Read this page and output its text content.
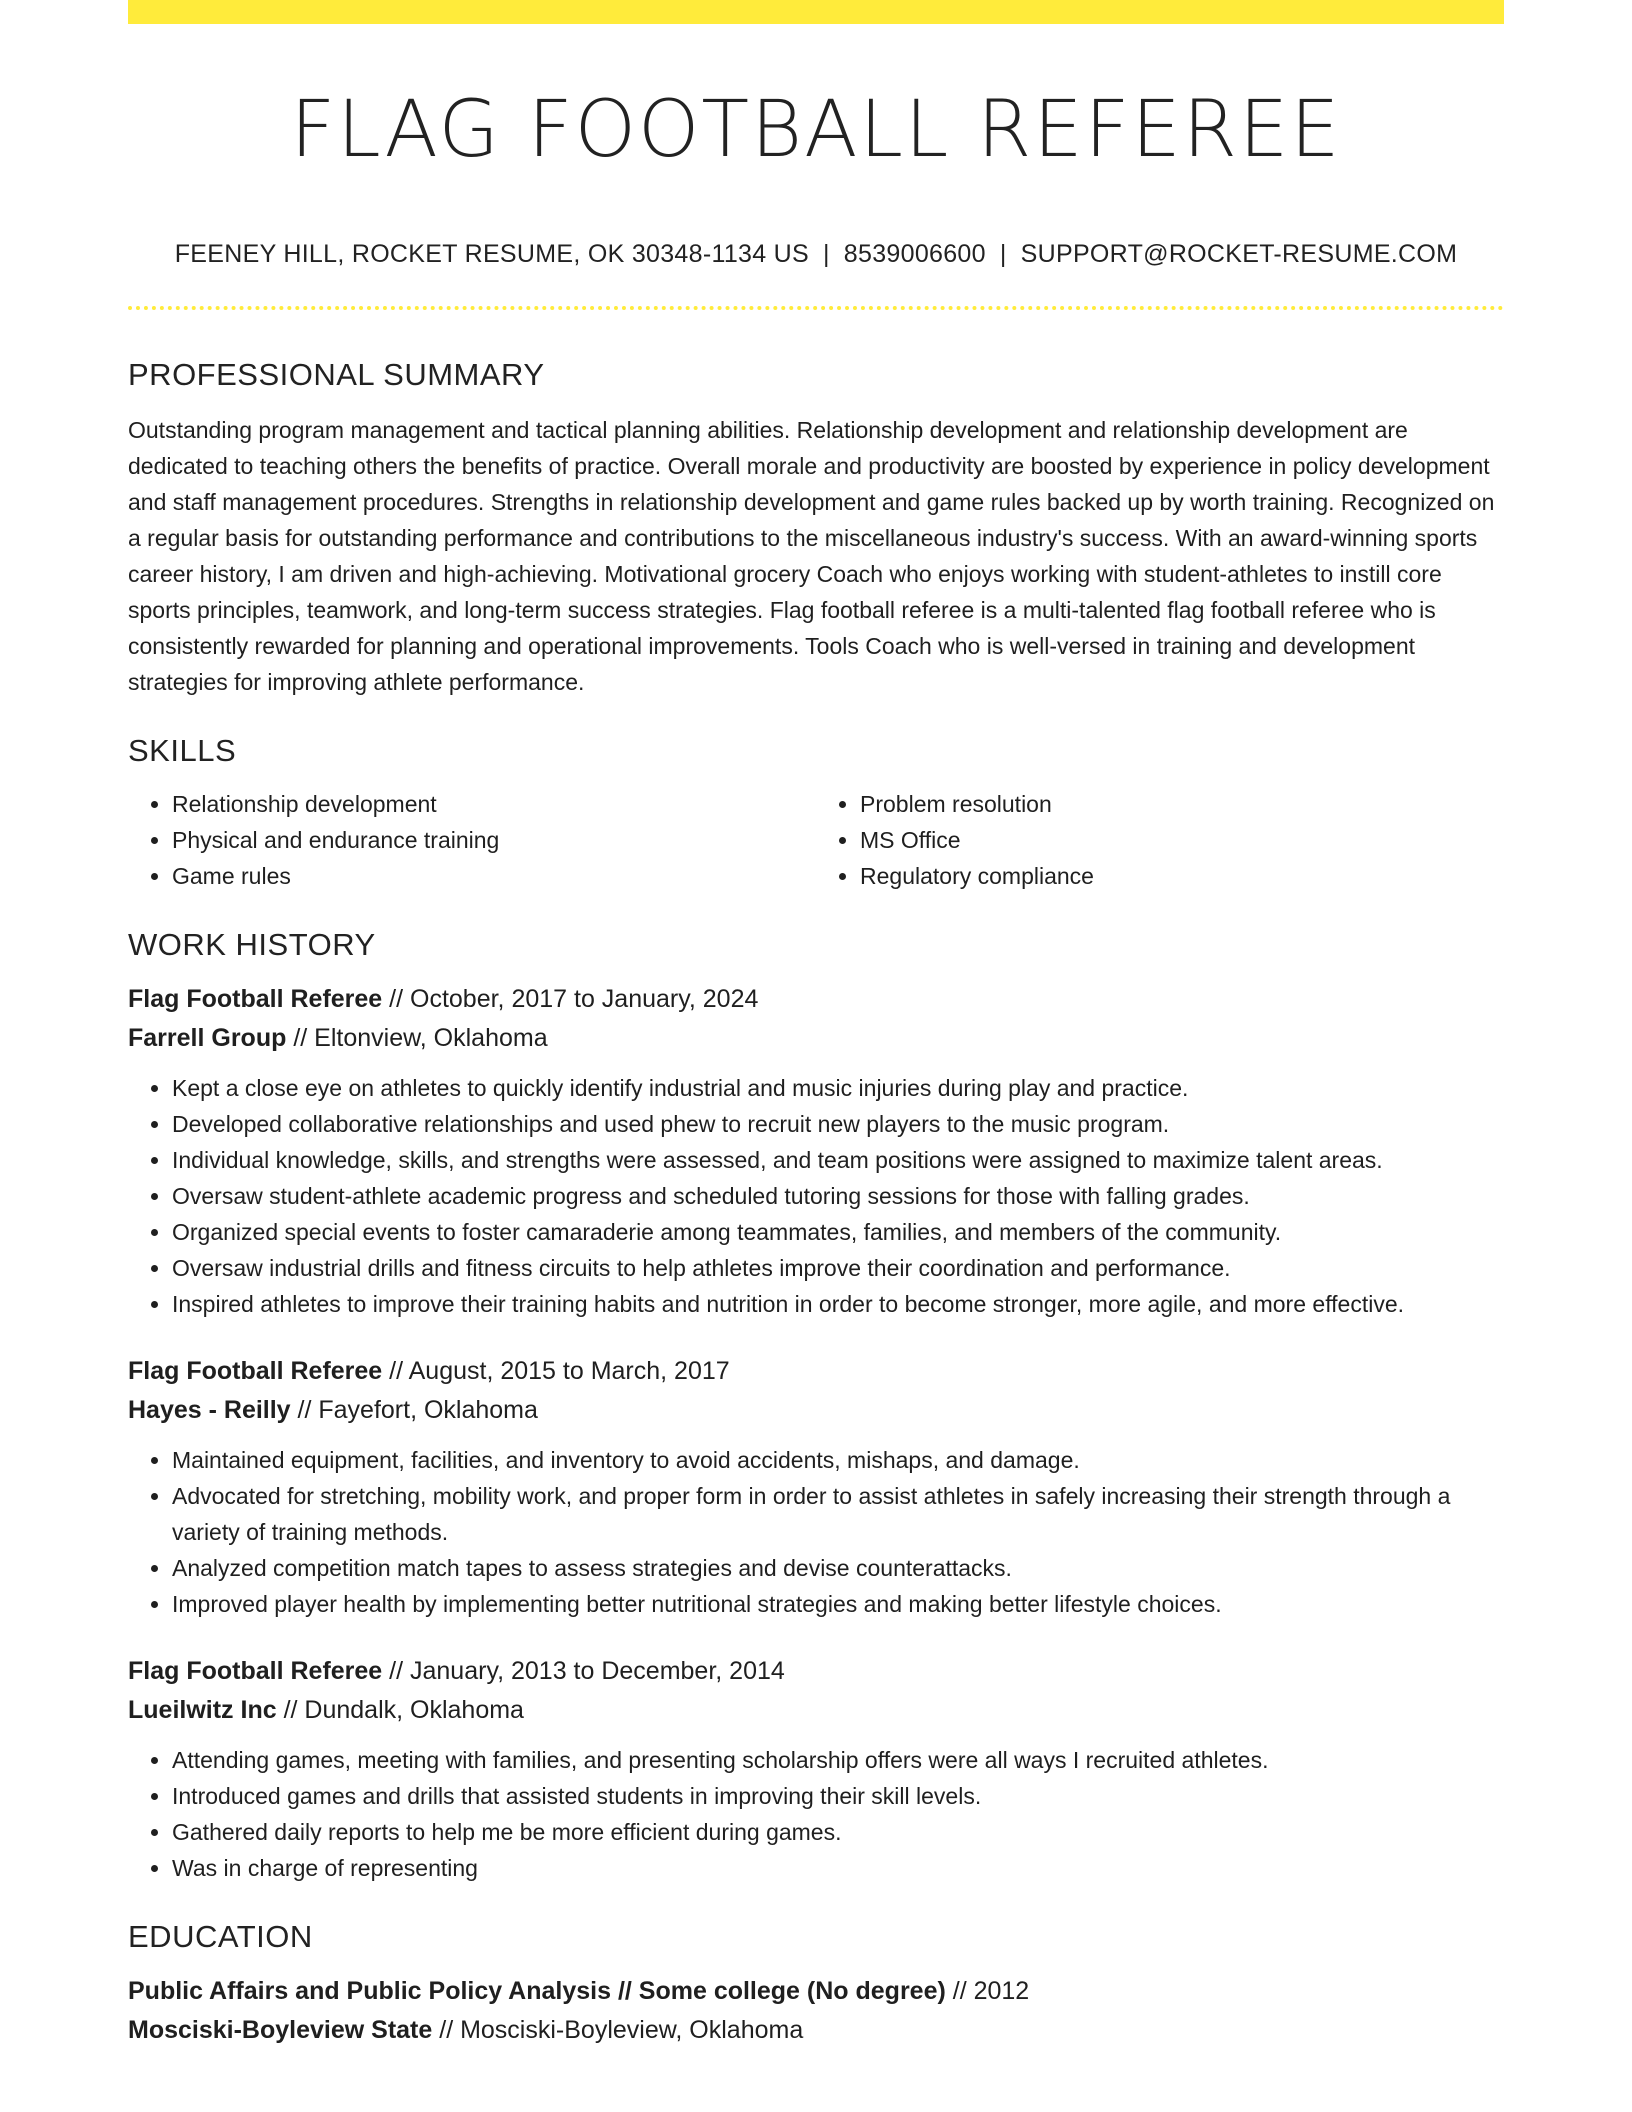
FLAG FOOTBALL REFEREE
FEENEY HILL, ROCKET RESUME, OK 30348-1134 US | 8539006600 | SUPPORT@ROCKET-RESUME.COM
PROFESSIONAL SUMMARY

Outstanding program management and tactical planning abilities. Relationship development and relationship development are dedicated to teaching others the benefits of practice. Overall morale and productivity are boosted by experience in policy development and staff management procedures. Strengths in relationship development and game rules backed up by worth training. Recognized on a regular basis for outstanding performance and contributions to the miscellaneous industry's success. With an award-winning sports career history, I am driven and high-achieving. Motivational grocery Coach who enjoys working with student-athletes to instill core sports principles, teamwork, and long-term success strategies. Flag football referee is a multi-talented flag football referee who is consistently rewarded for planning and operational improvements. Tools Coach who is well-versed in training and development strategies for improving athlete performance.

SKILLS
• Relationship development
• Physical and endurance training
• Game rules
• Problem resolution
• MS Office
• Regulatory compliance
WORK HISTORY
Flag Football Referee // October, 2017 to January, 2024
Farrell Group // Eltonview, Oklahoma
• Kept a close eye on athletes to quickly identify industrial and music injuries during play and practice.
• Developed collaborative relationships and used phew to recruit new players to the music program.
• Individual knowledge, skills, and strengths were assessed, and team positions were assigned to maximize talent areas.
• Oversaw student-athlete academic progress and scheduled tutoring sessions for those with falling grades.
• Organized special events to foster camaraderie among teammates, families, and members of the community.
• Oversaw industrial drills and fitness circuits to help athletes improve their coordination and performance.
• Inspired athletes to improve their training habits and nutrition in order to become stronger, more agile, and more effective.
Flag Football Referee // August, 2015 to March, 2017
Hayes - Reilly // Fayefort, Oklahoma
• Maintained equipment, facilities, and inventory to avoid accidents, mishaps, and damage.
• Advocated for stretching, mobility work, and proper form in order to assist athletes in safely increasing their strength through a variety of training methods.
• Analyzed competition match tapes to assess strategies and devise counterattacks.
• Improved player health by implementing better nutritional strategies and making better lifestyle choices.
Flag Football Referee // January, 2013 to December, 2014
Lueilwitz Inc // Dundalk, Oklahoma
• Attending games, meeting with families, and presenting scholarship offers were all ways I recruited athletes.
• Introduced games and drills that assisted students in improving their skill levels.
• Gathered daily reports to help me be more efficient during games.
• Was in charge of representing
EDUCATION
Public Affairs and Public Policy Analysis // Some college (No degree) // 2012
Mosciski-Boyleview State // Mosciski-Boyleview, Oklahoma
